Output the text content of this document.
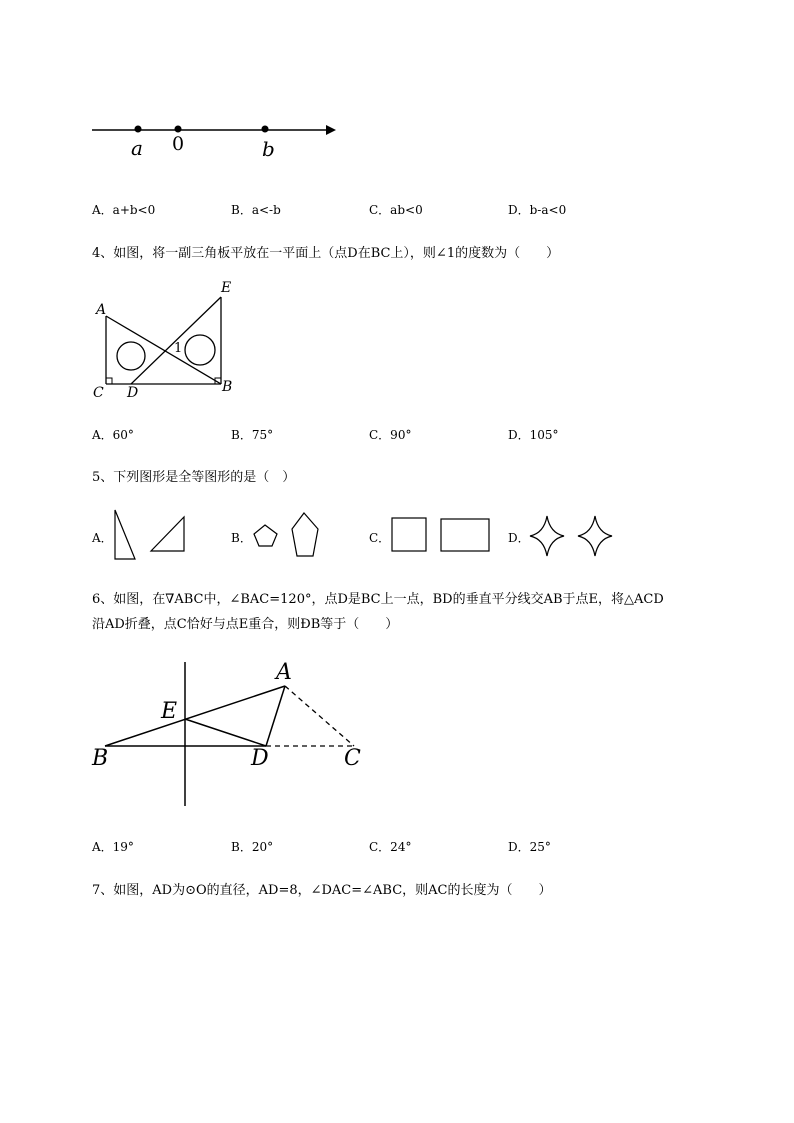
a 0	b
A．a+b<0	B．a<-b	C．ab<0	D．b-a<0
4、如图，将一副三角板平放在一平面上（点D在BC上），则∠1的度数为（　　）
A
E
C D	B
1
A．60°	B．75°	C．90°	D．105°
5、下列图形是全等图形的是（　）
A．	B．	C．	D．
6、如图，在∇ABC中，∠BAC=120°，点D是BC上一点，BD的垂直平分线交AB于点E，将△ACD
沿AD折叠，点C恰好与点E重合，则ÐB等于（　　）
A
E
B	D	C
A．19°	B．20°	C．24°	D．25°
7、如图，AD为⊙O的直径，AD=8，∠DAC=∠ABC，则AC的长度为（　　）
